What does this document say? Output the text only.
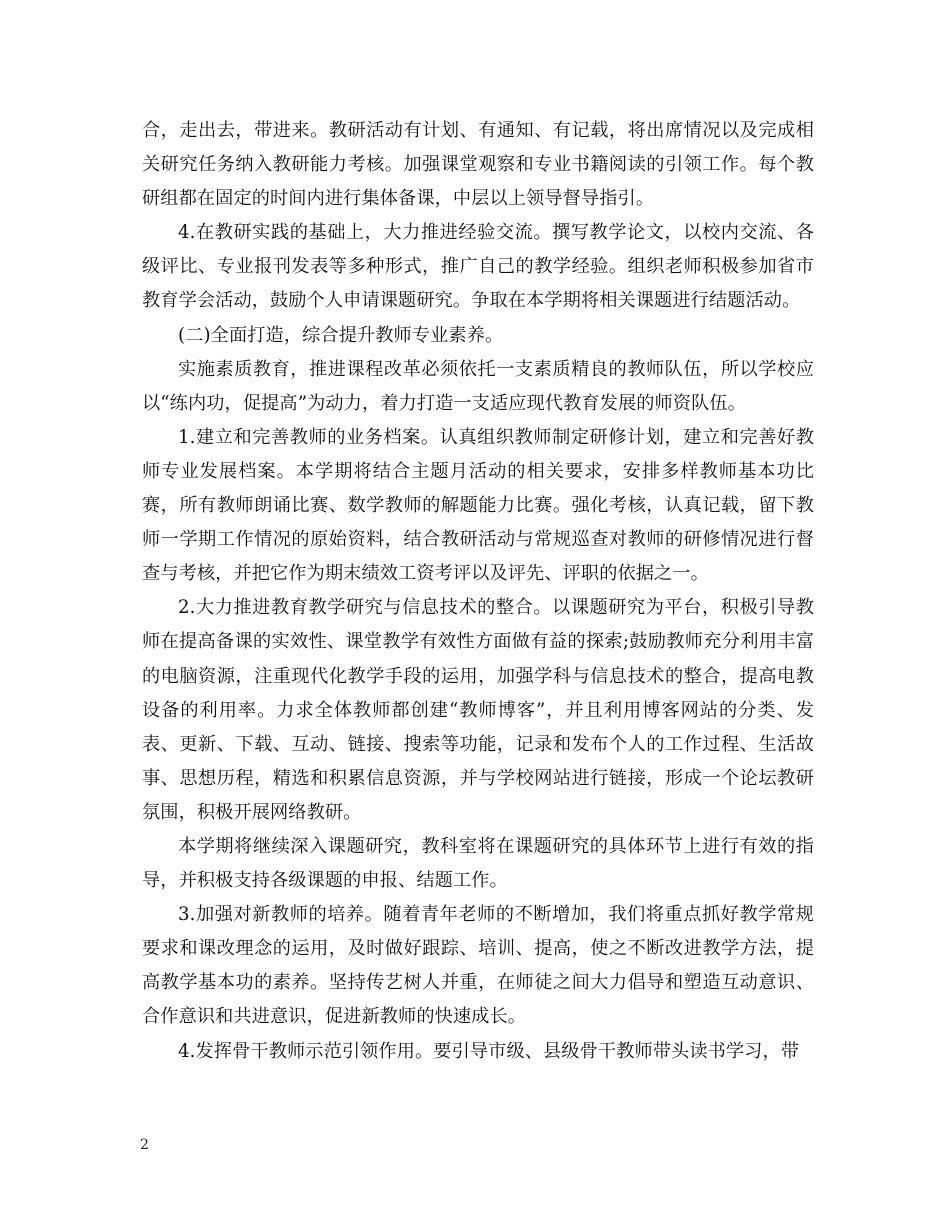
合，走出去，带进来。教研活动有计划、有通知、有记载，将出席情况以及完成相关研究任务纳入教研能力考核。加强课堂观察和专业书籍阅读的引领工作。每个教研组都在固定的时间内进行集体备课，中层以上领导督导指引。

4.在教研实践的基础上，大力推进经验交流。撰写教学论文，以校内交流、各级评比、专业报刊发表等多种形式，推广自己的教学经验。组织老师积极参加省市教育学会活动，鼓励个人申请课题研究。争取在本学期将相关课题进行结题活动。

(二)全面打造，综合提升教师专业素养。

实施素质教育，推进课程改革必须依托一支素质精良的教师队伍，所以学校应以“练内功，促提高”为动力，着力打造一支适应现代教育发展的师资队伍。

1.建立和完善教师的业务档案。认真组织教师制定研修计划，建立和完善好教师专业发展档案。本学期将结合主题月活动的相关要求，安排多样教师基本功比赛，所有教师朗诵比赛、数学教师的解题能力比赛。强化考核，认真记载，留下教师一学期工作情况的原始资料，结合教研活动与常规巡查对教师的研修情况进行督查与考核，并把它作为期末绩效工资考评以及评先、评职的依据之一。

2.大力推进教育教学研究与信息技术的整合。以课题研究为平台，积极引导教师在提高备课的实效性、课堂教学有效性方面做有益的探索;鼓励教师充分利用丰富的电脑资源，注重现代化教学手段的运用，加强学科与信息技术的整合，提高电教设备的利用率。力求全体教师都创建“教师博客”，并且利用博客网站的分类、发表、更新、下载、互动、链接、搜索等功能，记录和发布个人的工作过程、生活故事、思想历程，精选和积累信息资源，并与学校网站进行链接，形成一个论坛教研氛围，积极开展网络教研。

本学期将继续深入课题研究，教科室将在课题研究的具体环节上进行有效的指导，并积极支持各级课题的申报、结题工作。

3.加强对新教师的培养。随着青年老师的不断增加，我们将重点抓好教学常规要求和课改理念的运用，及时做好跟踪、培训、提高，使之不断改进教学方法，提高教学基本功的素养。坚持传艺树人并重，在师徒之间大力倡导和塑造互动意识、合作意识和共进意识，促进新教师的快速成长。

4.发挥骨干教师示范引领作用。要引导市级、县级骨干教师带头读书学习，带

2
